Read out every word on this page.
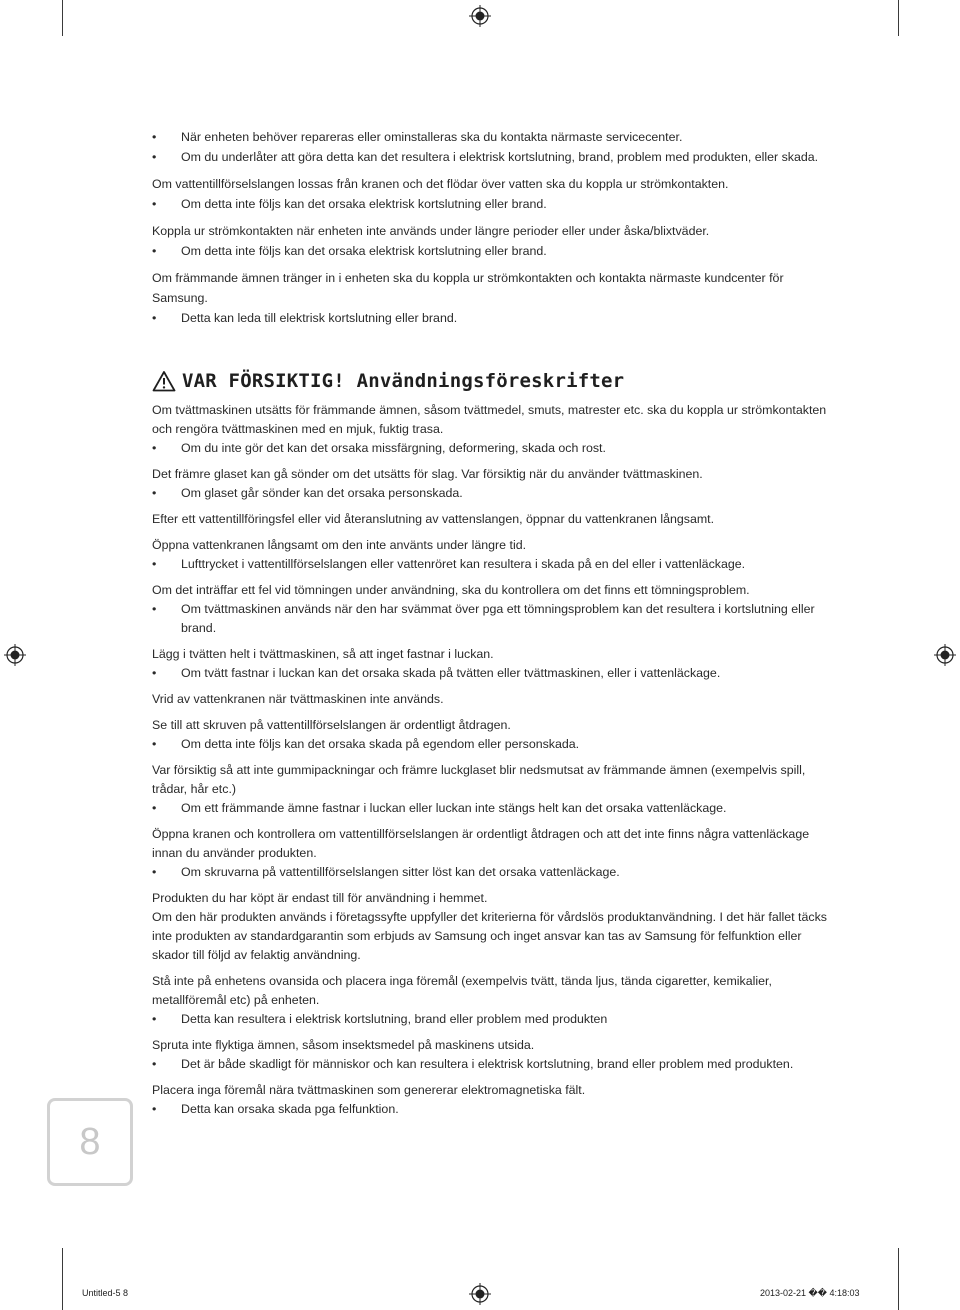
• När enheten behöver repareras eller ominstalleras ska du kontakta närmaste servicecenter.
• Om du underlåter att göra detta kan det resultera i elektrisk kortslutning, brand, problem med produkten, eller skada.
Om vattentillförselslangen lossas från kranen och det flödar över vatten ska du koppla ur strömkontakten.
• Om detta inte följs kan det orsaka elektrisk kortslutning eller brand.
Koppla ur strömkontakten när enheten inte används under längre perioder eller under åska/blixtväder.
• Om detta inte följs kan det orsaka elektrisk kortslutning eller brand.
Om främmande ämnen tränger in i enheten ska du koppla ur strömkontakten och kontakta närmaste kundcenter för Samsung.
• Detta kan leda till elektrisk kortslutning eller brand.
VAR FÖRSIKTIG! Användningsföreskrifter
Om tvättmaskinen utsätts för främmande ämnen, såsom tvättmedel, smuts, matrester etc. ska du koppla ur strömkontakten och rengöra tvättmaskinen med en mjuk, fuktig trasa.
• Om du inte gör det kan det orsaka missfärgning, deformering, skada och rost.
Det främre glaset kan gå sönder om det utsätts för slag. Var försiktig när du använder tvättmaskinen.
• Om glaset går sönder kan det orsaka personskada.
Efter ett vattentillföringsfel eller vid återanslutning av vattenslangen, öppnar du vattenkranen långsamt.
Öppna vattenkranen långsamt om den inte använts under längre tid.
• Lufttrycket i vattentillförselslangen eller vattenröret kan resultera i skada på en del eller i vattenläckage.
Om det inträffar ett fel vid tömningen under användning, ska du kontrollera om det finns ett tömningsproblem.
• Om tvättmaskinen används när den har svämmat över pga ett tömningsproblem kan det resultera i kortslutning eller brand.
Lägg i tvätten helt i tvättmaskinen, så att inget fastnar i luckan.
• Om tvätt fastnar i luckan kan det orsaka skada på tvätten eller tvättmaskinen, eller i vattenläckage.
Vrid av vattenkranen när tvättmaskinen inte används.
Se till att skruven på vattentillförselslangen är ordentligt åtdragen.
• Om detta inte följs kan det orsaka skada på egendom eller personskada.
Var försiktig så att inte gummipackningar och främre luckglaset blir nedsmutsat av främmande ämnen (exempelvis spill, trådar, hår etc.)
• Om ett främmande ämne fastnar i luckan eller luckan inte stängs helt kan det orsaka vattenläckage.
Öppna kranen och kontrollera om vattentillförselslangen är ordentligt åtdragen och att det inte finns några vattenläckage innan du använder produkten.
• Om skruvarna på vattentillförselslangen sitter löst kan det orsaka vattenläckage.
Produkten du har köpt är endast till för användning i hemmet.
Om den här produkten används i företagssyfte uppfyller det kriterierna för vårdslös produktanvändning. I det här fallet täcks inte produkten av standardgarantin som erbjuds av Samsung och inget ansvar kan tas av Samsung för felfunktion eller skador till följd av felaktig användning.
Stå inte på enhetens ovansida och placera inga föremål (exempelvis tvätt, tända ljus, tända cigaretter, kemikalier, metallföremål etc) på enheten.
• Detta kan resultera i elektrisk kortslutning, brand eller problem med produkten
Spruta inte flyktiga ämnen, såsom insektsmedel på maskinens utsida.
• Det är både skadligt för människor och kan resultera i elektrisk kortslutning, brand eller problem med produkten.
Placera inga föremål nära tvättmaskinen som genererar elektromagnetiska fält.
• Detta kan orsaka skada pga felfunktion.
8
Untitled-5 8	2013-02-21 �� 4:18:03
